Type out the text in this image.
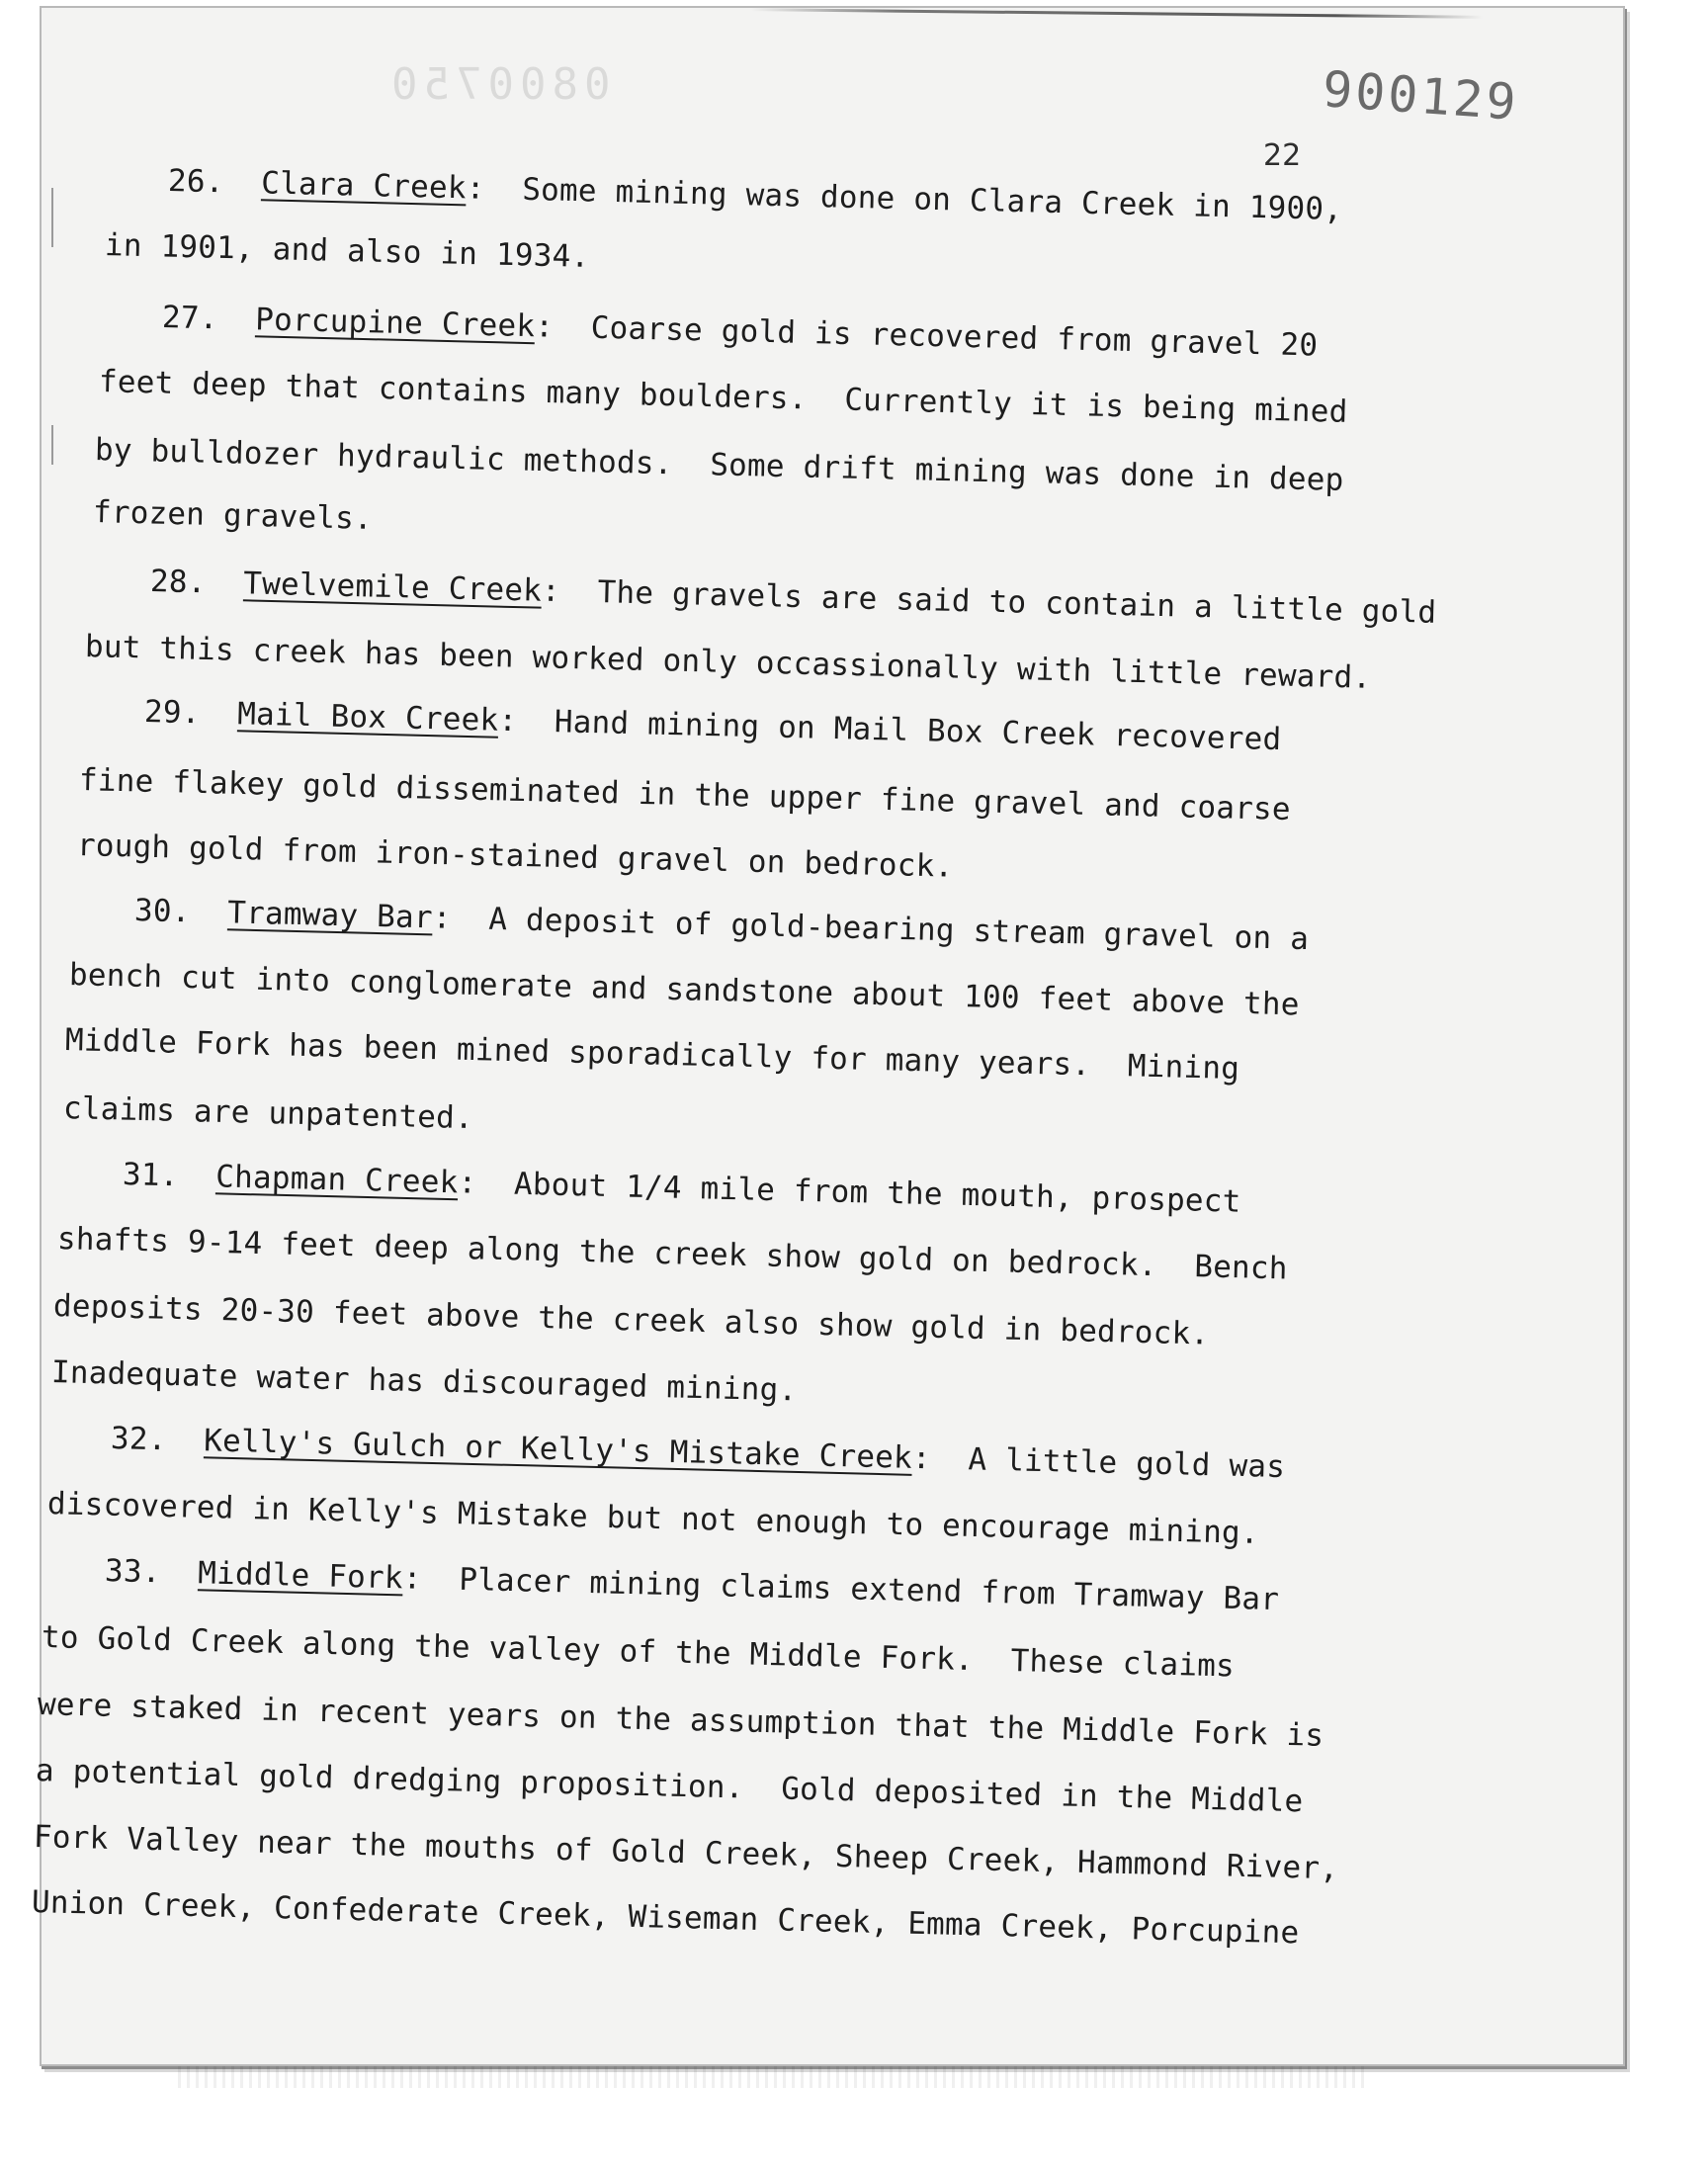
0800750	900129
22
26. Clara Creek:  Some mining was done on Clara Creek in 1900,
in 1901, and also in 1934.
27. Porcupine Creek:  Coarse gold is recovered from gravel 20
feet deep that contains many boulders.  Currently it is being mined
by bulldozer hydraulic methods.  Some drift mining was done in deep
frozen gravels.
28. Twelvemile Creek:  The gravels are said to contain a little gold
but this creek has been worked only occassionally with little reward.
29. Mail Box Creek:  Hand mining on Mail Box Creek recovered
fine flakey gold disseminated in the upper fine gravel and coarse
rough gold from iron-stained gravel on bedrock.
30. Tramway Bar:  A deposit of gold-bearing stream gravel on a
bench cut into conglomerate and sandstone about 100 feet above the
Middle Fork has been mined sporadically for many years.  Mining
claims are unpatented.
31. Chapman Creek:  About 1/4 mile from the mouth, prospect
shafts 9-14 feet deep along the creek show gold on bedrock.  Bench
deposits 20-30 feet above the creek also show gold in bedrock.
Inadequate water has discouraged mining.
32. Kelly's Gulch or Kelly's Mistake Creek:  A little gold was
discovered in Kelly's Mistake but not enough to encourage mining.
33. Middle Fork:  Placer mining claims extend from Tramway Bar
to Gold Creek along the valley of the Middle Fork.  These claims
were staked in recent years on the assumption that the Middle Fork is
a potential gold dredging proposition.  Gold deposited in the Middle
Fork Valley near the mouths of Gold Creek, Sheep Creek, Hammond River,
Union Creek, Confederate Creek, Wiseman Creek, Emma Creek, Porcupine
